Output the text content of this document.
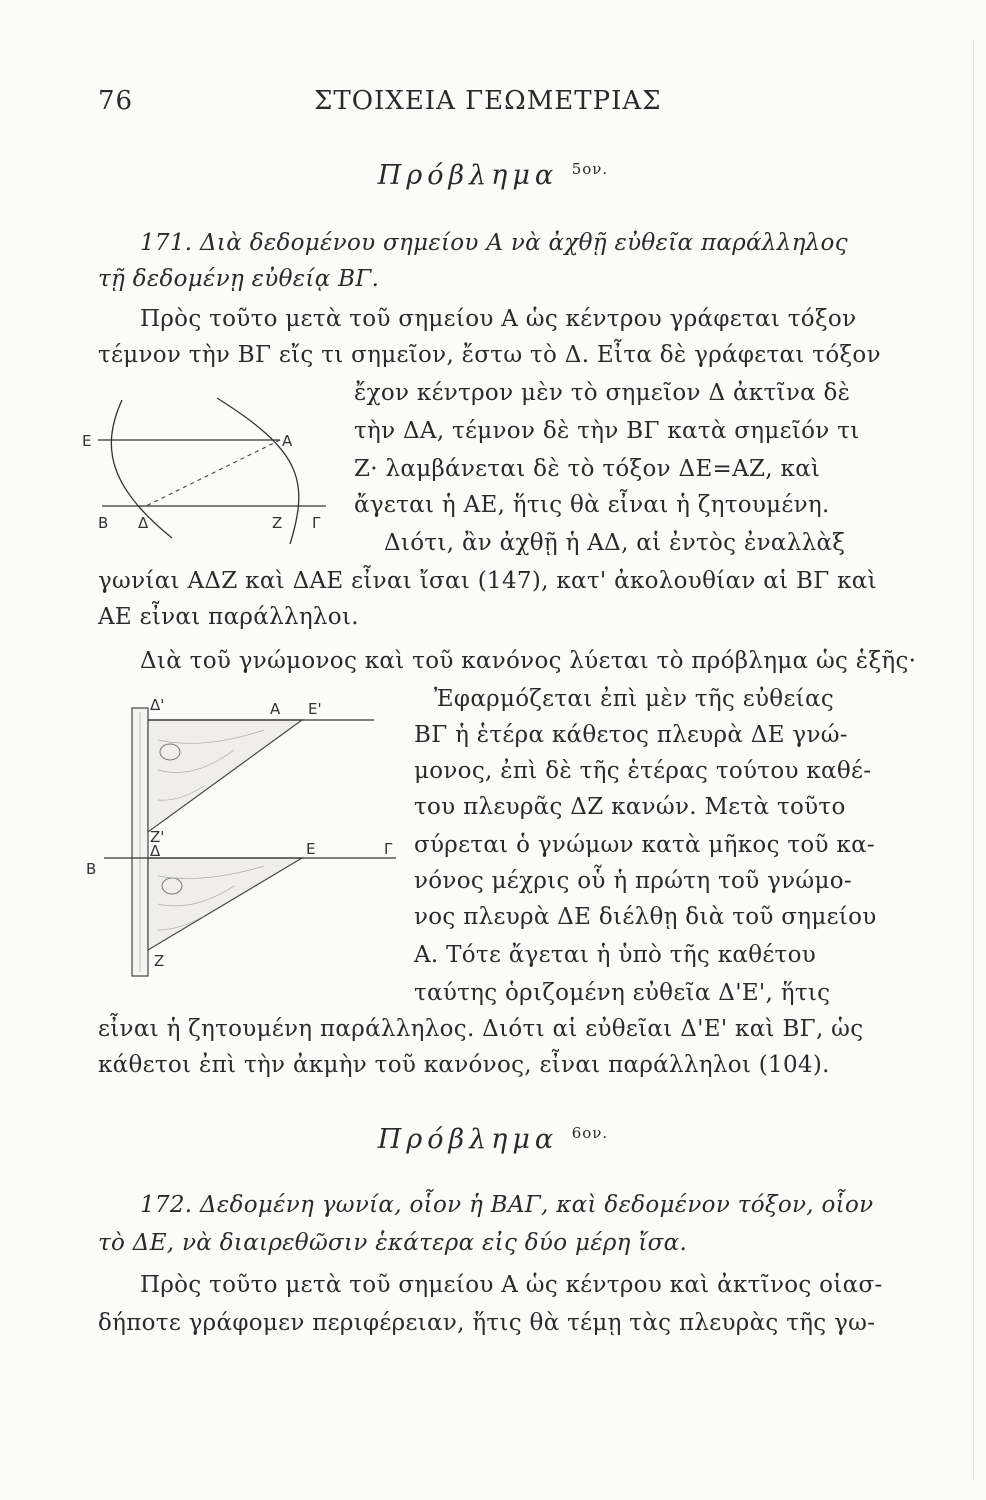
76	ΣΤΟΙΧΕΙΑ ΓΕΩΜΕΤΡΙΑΣ
Πρόβλημα $^{5o\nu.}$
171. Διὰ δεδομένου σημείου Α νὰ ἀχθῇ εὐθεῖα παράλληλος
τῇ δεδομένῃ εὐθείᾳ ΒΓ.
Πρὸς τοῦτο μετὰ τοῦ σημείου Α ὡς κέντρου γράφεται τόξον
τέμνον τὴν ΒΓ εἴς τι σημεῖον, ἔστω τὸ Δ. Εἶτα δὲ γράφεται τόξον
ἔχον κέντρον μὲν τὸ σημεῖον Δ ἀκτῖνα δὲ
τὴν ΔΑ, τέμνον δὲ τὴν ΒΓ κατὰ σημεῖόν τι
Ζ· λαμβάνεται δὲ τὸ τόξον ΔΕ=ΑΖ, καὶ
ἄγεται ἡ ΑΕ, ἥτις θὰ εἶναι ἡ ζητουμένη.
Διότι, ἂν ἀχθῇ ἡ ΑΔ, αἱ ἐντὸς ἐναλλὰξ
γωνίαι ΑΔΖ καὶ ΔΑΕ εἶναι ἴσαι (147), κατ' ἀκολουθίαν αἱ ΒΓ καὶ
ΑΕ εἶναι παράλληλοι.
E	A
B Δ	Z Γ
Διὰ τοῦ γνώμονος καὶ τοῦ κανόνος λύεται τὸ πρόβλημα ὡς ἑξῆς·
Ἐφαρμόζεται ἐπὶ μὲν τῆς εὐθείας
ΒΓ ἡ ἑτέρα κάθετος πλευρὰ ΔΕ γνώ-
μονος, ἐπὶ δὲ τῆς ἑτέρας τούτου καθέ-
του πλευρᾶς ΔΖ κανών. Μετὰ τοῦτο
σύρεται ὁ γνώμων κατὰ μῆκος τοῦ κα-
νόνος μέχρις οὗ ἡ πρώτη τοῦ γνώμο-
νος πλευρὰ ΔΕ διέλθῃ διὰ τοῦ σημείου
Α. Τότε ἄγεται ἡ ὑπὸ τῆς καθέτου
ταύτης ὁριζομένη εὐθεῖα Δ'Ε', ἥτις
εἶναι ἡ ζητουμένη παράλληλος. Διότι αἱ εὐθεῖαι Δ'Ε' καὶ ΒΓ, ὡς
κάθετοι ἐπὶ τὴν ἀκμὴν τοῦ κανόνος, εἶναι παράλληλοι (104).
Δ'	A E'
Z'
Δ	E
B
Γ
Z
Πρόβλημα $^{6o\nu.}$
172. Δεδομένη γωνία, οἷον ἡ ΒΑΓ, καὶ δεδομένον τόξον, οἷον
τὸ ΔΕ, νὰ διαιρεθῶσιν ἑκάτερα εἰς δύο μέρη ἴσα.
Πρὸς τοῦτο μετὰ τοῦ σημείου Α ὡς κέντρου καὶ ἀκτῖνος οἱασ-
δήποτε γράφομεν περιφέρειαν, ἥτις θὰ τέμῃ τὰς πλευρὰς τῆς γω-
